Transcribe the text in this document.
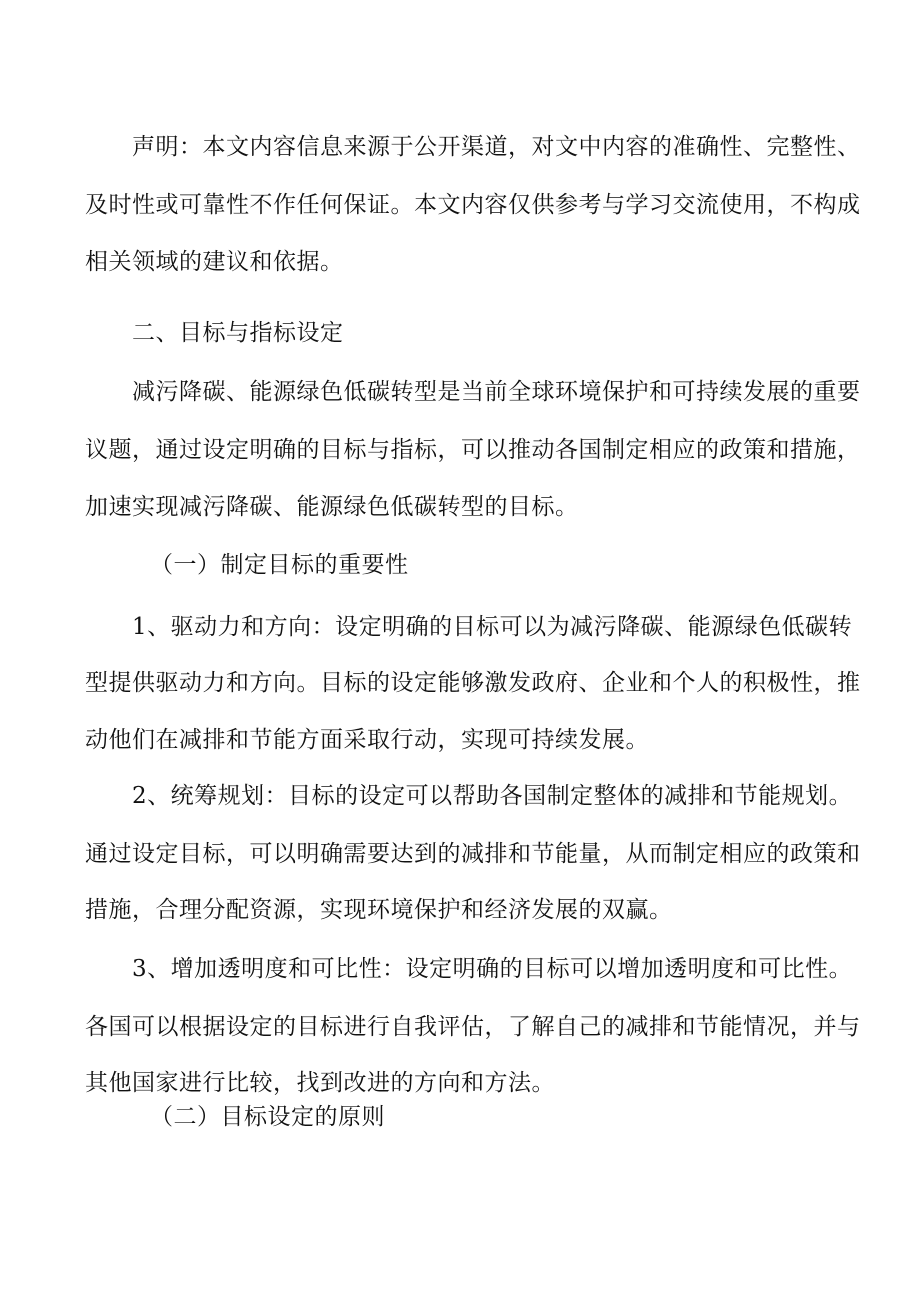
声明：本文内容信息来源于公开渠道，对文中内容的准确性、完整性、
及时性或可靠性不作任何保证。本文内容仅供参考与学习交流使用，不构成
相关领域的建议和依据。
二、目标与指标设定
减污降碳、能源绿色低碳转型是当前全球环境保护和可持续发展的重要
议题，通过设定明确的目标与指标，可以推动各国制定相应的政策和措施，
加速实现减污降碳、能源绿色低碳转型的目标。
（一）制定目标的重要性
1、驱动力和方向：设定明确的目标可以为减污降碳、能源绿色低碳转
型提供驱动力和方向。目标的设定能够激发政府、企业和个人的积极性，推
动他们在减排和节能方面采取行动，实现可持续发展。
2、统筹规划：目标的设定可以帮助各国制定整体的减排和节能规划。
通过设定目标，可以明确需要达到的减排和节能量，从而制定相应的政策和
措施，合理分配资源，实现环境保护和经济发展的双赢。
3、增加透明度和可比性：设定明确的目标可以增加透明度和可比性。
各国可以根据设定的目标进行自我评估，了解自己的减排和节能情况，并与
其他国家进行比较，找到改进的方向和方法。
（二）目标设定的原则
